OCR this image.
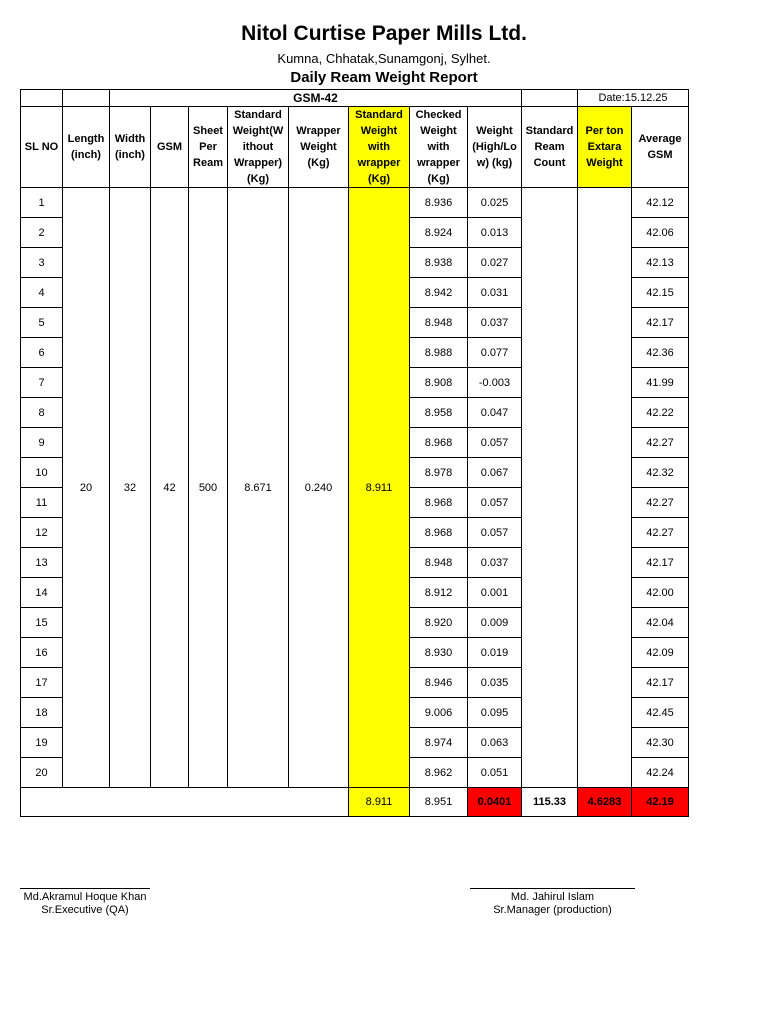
Nitol Curtise Paper Mills Ltd.
Kumna, Chhatak,Sunamgonj, Sylhet.
Daily Ream Weight Report
		GSM-42									Date:15.12.25	
SL NO	Length (inch)	Width (inch)	GSM	Sheet Per Ream	Standard Weight(W ithout Wrapper) (Kg)	Wrapper Weight (Kg)	Standard Weight with wrapper (Kg)	Checked Weight with wrapper (Kg)	Weight (High/Lo w) (kg)	Standard Ream Count	Per ton Extara Weight	Average GSM
1	20	32	42	500	8.671	0.240	8.911	8.936	0.025			42.12
2								8.924	0.013			42.06
3								8.938	0.027			42.13
4								8.942	0.031			42.15
5								8.948	0.037			42.17
6								8.988	0.077			42.36
7								8.908	-0.003			41.99
8								8.958	0.047			42.22
9								8.968	0.057			42.27
10								8.978	0.067			42.32
11								8.968	0.057			42.27
12								8.968	0.057			42.27
13								8.948	0.037			42.17
14								8.912	0.001			42.00
15								8.920	0.009			42.04
16								8.930	0.019			42.09
17								8.946	0.035			42.17
18								9.006	0.095			42.45
19								8.974	0.063			42.30
20								8.962	0.051			42.24
							8.911	8.951	0.0401	115.33	4.6283	42.19
Md.Akramul Hoque Khan
Sr.Executive (QA)
Md. Jahirul Islam
Sr.Manager (production)
